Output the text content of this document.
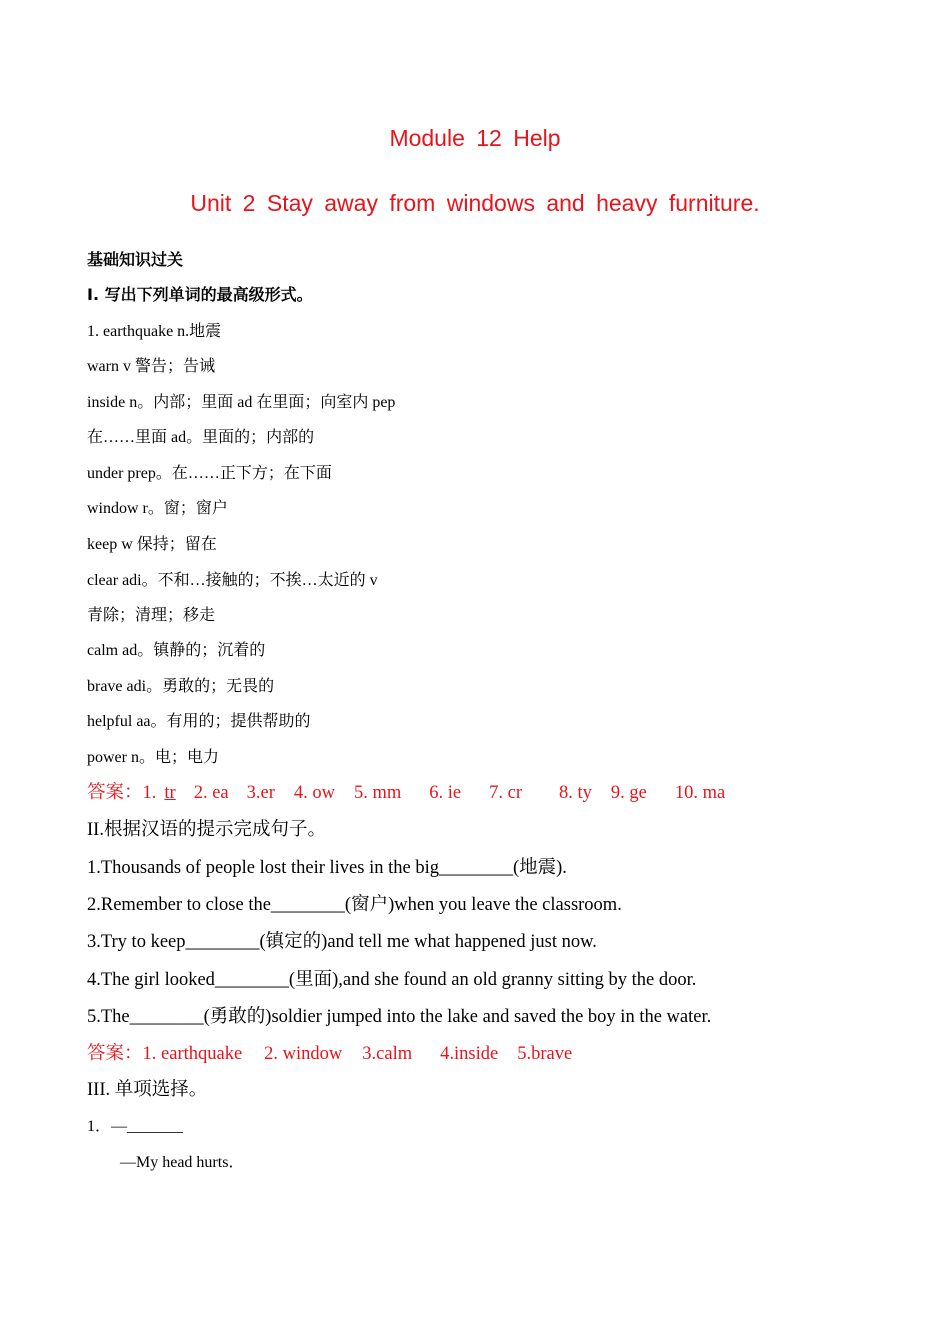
Module 12 Help
Unit 2 Stay away from windows and heavy furniture.
基础知识过关
I. 写出下列单词的最高级形式。
1. earthquake n.地震
warn v 警告；告诫
inside n。内部；里面 ad 在里面；向室内 pep
在……里面 ad。里面的；内部的
under prep。在……正下方；在下面
window r。窗；窗户
keep w 保持；留在
clear adi。不和…接触的；不挨…太近的 v
青除；清理；移走
calm ad。镇静的；沉着的
brave adi。勇敢的；无畏的
helpful aa。有用的；提供帮助的
power n。电；电力
答案：1. tr 2. ea 3.er 4. ow 5. mm 6. ie 7. cr 8. ty 9. ge 10. ma
II.根据汉语的提示完成句子。
1.Thousands of people lost their lives in the big________(地震).
2.Remember to close the________(窗户)when you leave the classroom.
3.Try to keep________(镇定的)and tell me what happened just now.
4.The girl looked________(里面),and she found an old granny sitting by the door.
5.The________(勇敢的)soldier jumped into the lake and saved the boy in the water.
答案：1. earthquake 2. window 3.calm 4.inside 5.brave
III. 单项选择。
1．—_______
—My head hurts．
